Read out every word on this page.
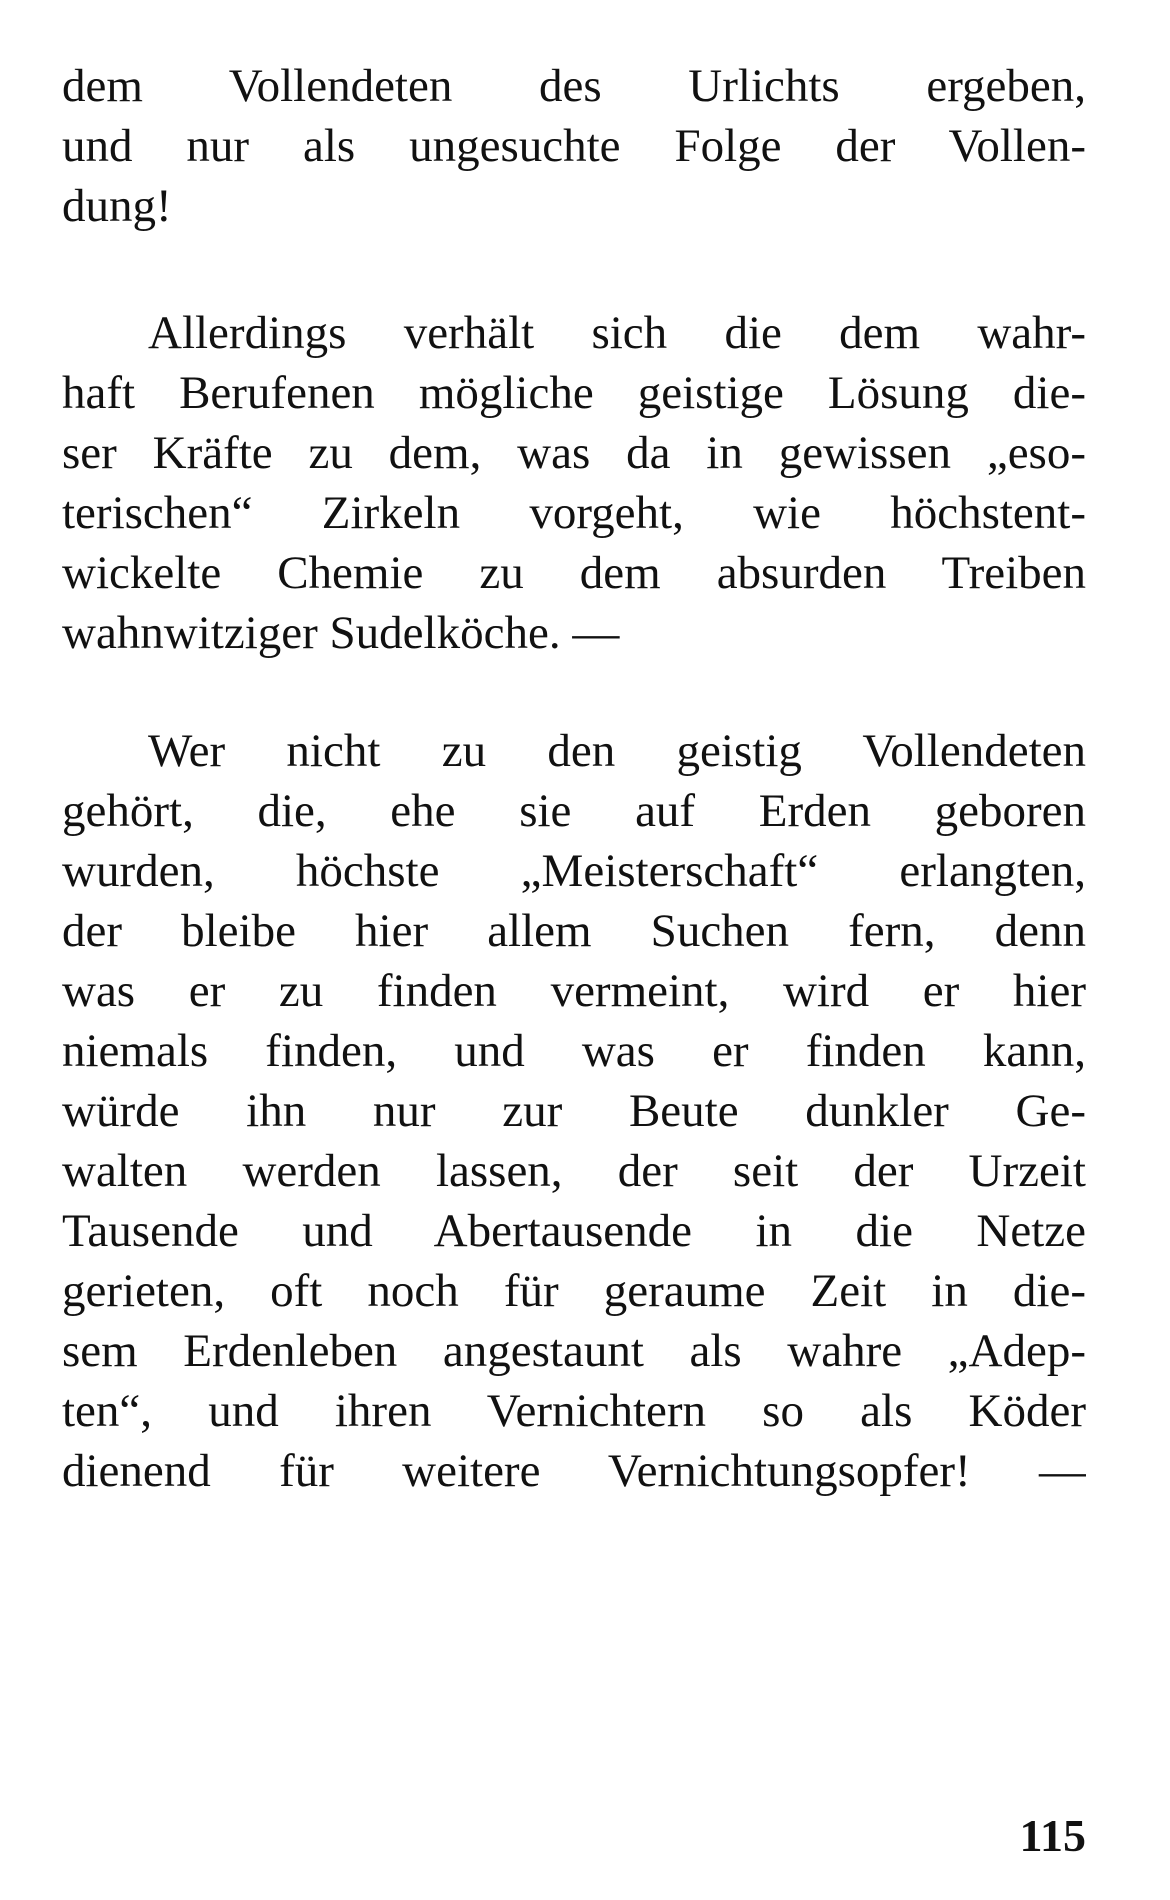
dem Vollendeten des Urlichts ergeben,
und nur als ungesuchte Folge der Vollen-
dung!
Allerdings verhält sich die dem wahr-
haft Berufenen mögliche geistige Lösung die-
ser Kräfte zu dem, was da in gewissen „eso-
terischen“ Zirkeln vorgeht, wie höchstent-
wickelte Chemie zu dem absurden Treiben
wahnwitziger Sudelköche. —
Wer nicht zu den geistig Vollendeten
gehört, die, ehe sie auf Erden geboren
wurden, höchste „Meisterschaft“ erlangten,
der bleibe hier allem Suchen fern, denn
was er zu finden vermeint, wird er hier
niemals finden, und was er finden kann,
würde ihn nur zur Beute dunkler Ge-
walten werden lassen, der seit der Urzeit
Tausende und Abertausende in die Netze
gerieten, oft noch für geraume Zeit in die-
sem Erdenleben angestaunt als wahre „Adep-
ten“, und ihren Vernichtern so als Köder
dienend für weitere Vernichtungsopfer! —
115
